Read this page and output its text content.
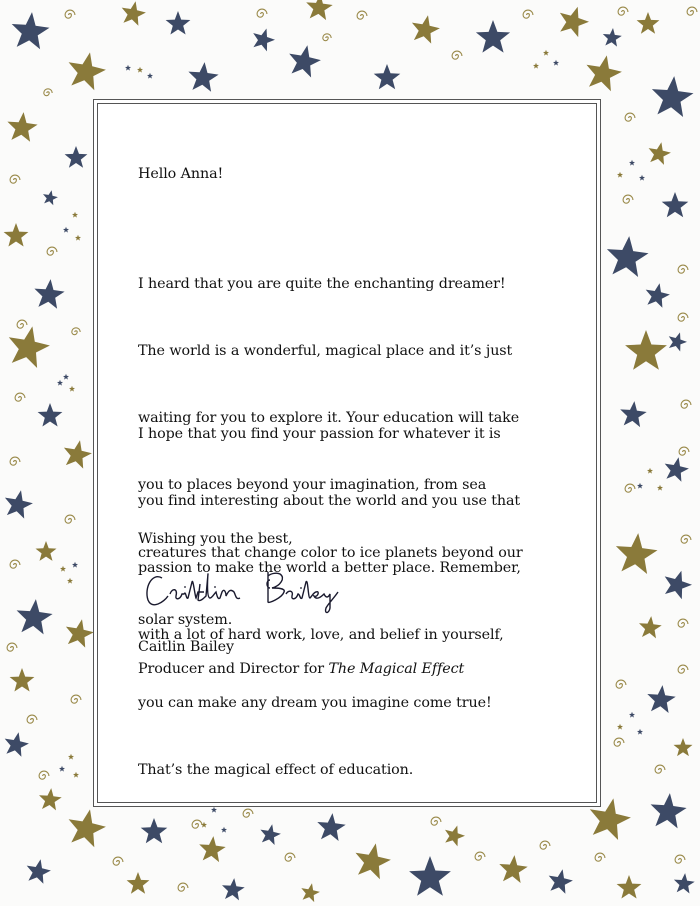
Hello Anna!

I heard that you are quite the enchanting dreamer!

The world is a wonderful, magical place and it’s just

waiting for you to explore it. Your education will take

you to places beyond your imagination, from sea

creatures that change color to ice planets beyond our

solar system.

I hope that you find your passion for whatever it is

you find interesting about the world and you use that

passion to make the world a better place. Remember,

with a lot of hard work, love, and belief in yourself,

you can make any dream you imagine come true!

That’s the magical effect of education.

Wishing you the best,
Caitlin Bailey
Producer and Director for The Magical Effect
